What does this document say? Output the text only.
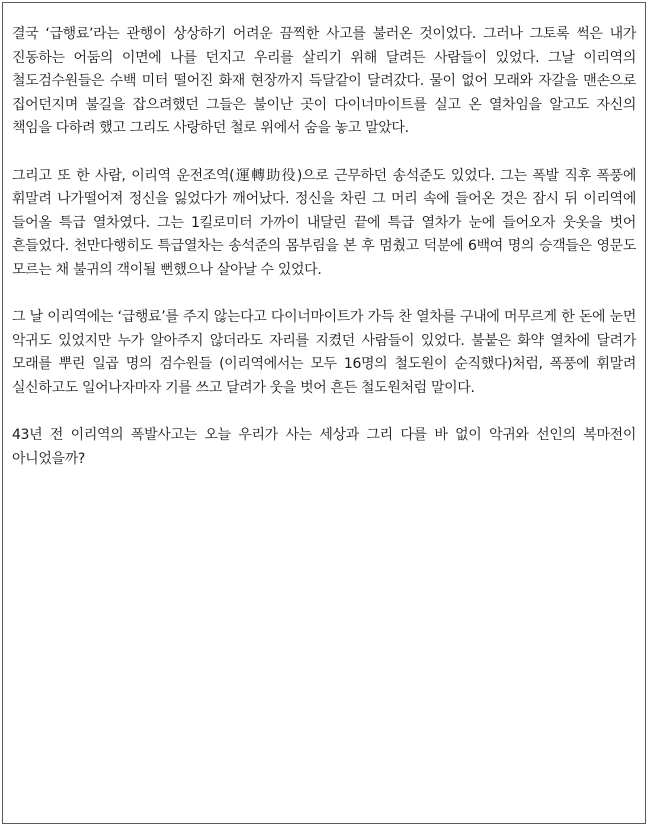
결국 ‘급행료’라는 관행이 상상하기 어려운 끔찍한 사고를 불러온 것이었다. 그러나 그토록 썩은 내가 진동하는 어둠의 이면에 나를 던지고 우리를 살리기 위해 달려든 사람들이 있었다. 그날 이리역의 철도검수원들은 수백 미터 떨어진 화재 현장까지 득달같이 달려갔다. 물이 없어 모래와 자갈을 맨손으로 집어던지며 불길을 잡으려했던 그들은 불이난 곳이 다이너마이트를 실고 온 열차임을 알고도 자신의 책임을 다하려 했고 그리도 사랑하던 철로 위에서 숨을 놓고 말았다.

그리고 또 한 사람, 이리역 운전조역(運轉助役)으로 근무하던 송석준도 있었다. 그는 폭발 직후 폭풍에 휘말려 나가떨어져 정신을 잃었다가 깨어났다. 정신을 차린 그 머리 속에 들어온 것은 잠시 뒤 이리역에 들어올 특급 열차였다. 그는 1킬로미터 가까이 내달린 끝에 특급 열차가 눈에 들어오자 웃옷을 벗어 흔들었다. 천만다행히도 특급열차는 송석준의 몸부림을 본 후 멈췄고 덕분에 6백여 명의 승객들은 영문도 모르는 채 불귀의 객이될 뻔했으나 살아날 수 있었다.

그 날 이리역에는 ‘급행료’를 주지 않는다고 다이너마이트가 가득 찬 열차를 구내에 머무르게 한 돈에 눈먼 악귀도 있었지만 누가 알아주지 않더라도 자리를 지켰던 사람들이 있었다. 불붙은 화약 열차에 달려가 모래를 뿌린 일곱 명의 검수원들 (이리역에서는 모두 16명의 철도원이 순직했다)처럼, 폭풍에 휘말려 실신하고도 일어나자마자 기를 쓰고 달려가 웃을 벗어 흔든 철도원처럼 말이다.

43년 전 이리역의 폭발사고는 오늘 우리가 사는 세상과 그리 다를 바 없이 악귀와 선인의 복마전이 아니었을까?
